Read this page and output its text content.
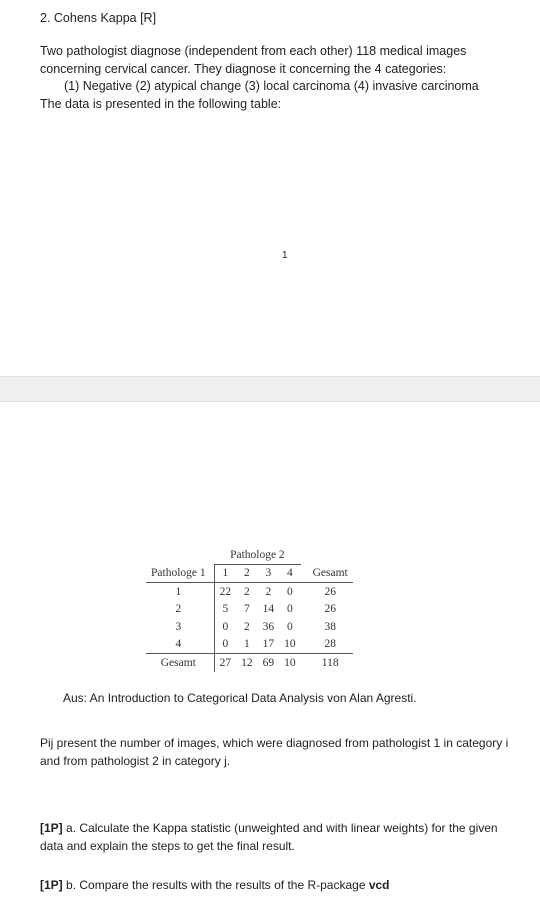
2. Cohens Kappa [R]

Two pathologist diagnose (independent from each other) 118 medical images concerning cervical cancer. They diagnose it concerning the 4 categories:

(1) Negative (2) atypical change (3) local carcinoma (4) invasive carcinoma

The data is presented in the following table:

1
	Pathologe 2				
Pathologe 1	1	2	3	4	Gesamt
1	22	2	2	0	26
2	5	7	14	0	26
3	0	2	36	0	38
4	0	1	17	10	28
Gesamt	27	12	69	10	118
Aus: An Introduction to Categorical Data Analysis von Alan Agresti.
Pij present the number of images, which were diagnosed from pathologist 1 in category i and from pathologist 2 in category j.
[1P] a. Calculate the Kappa statistic (unweighted and with linear weights) for the given data and explain the steps to get the final result.
[1P] b. Compare the results with the results of the R-package vcd
